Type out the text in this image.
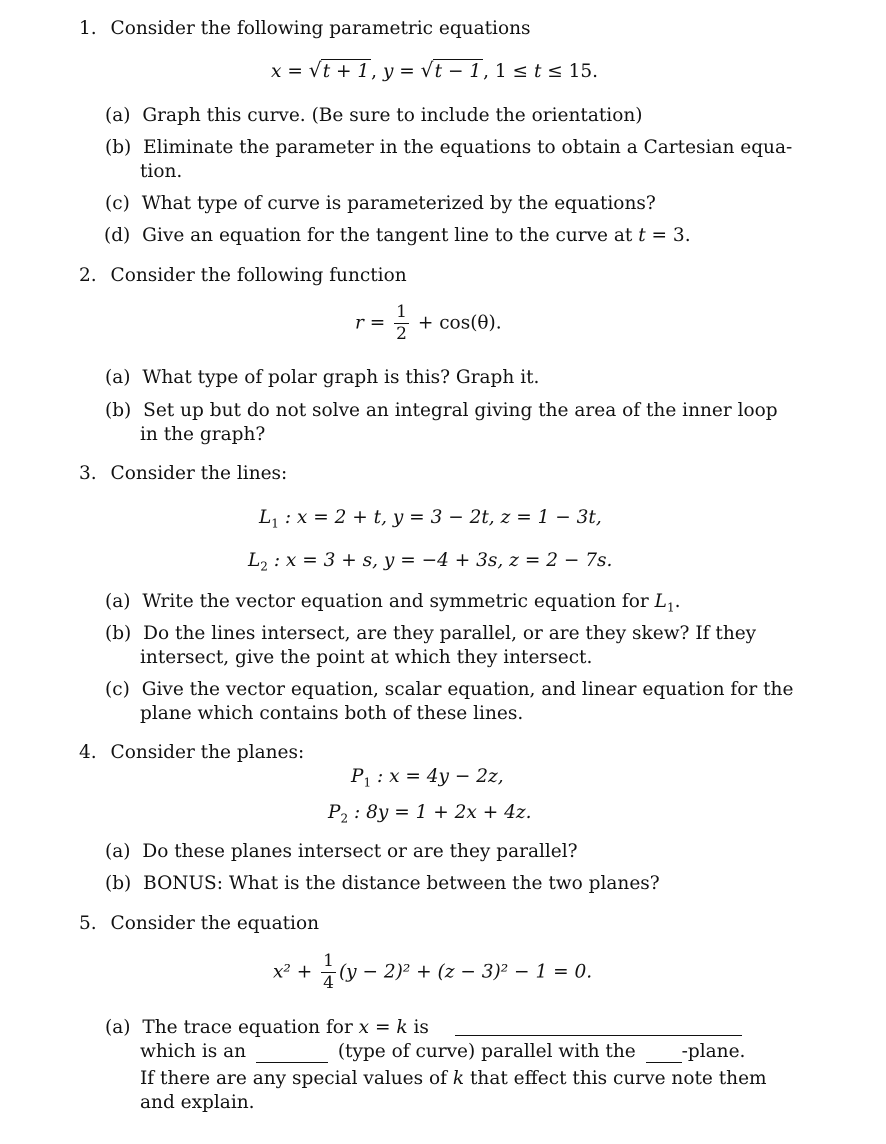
1. Consider the following parametric equations
x = √ t + 1 , y = √ t − 1 , 1 ≤ t ≤ 15.
(a) Graph this curve. (Be sure to include the orientation)
(b) Eliminate the parameter in the equations to obtain a Cartesian equa-
tion.
(c) What type of curve is parameterized by the equations?
(d) Give an equation for the tangent line to the curve at t = 3.
2. Consider the following function
$r = \frac{1}{2} + \cos(\theta)$.
(a) What type of polar graph is this? Graph it.
(b) Set up but do not solve an integral giving the area of the inner loop
in the graph?
3. Consider the lines:
$L_1$ : x = 2 + t, y = 3 − 2t, z = 1 − 3t,
$L_2$ : x = 3 + s, y = −4 + 3s, z = 2 − 7s.
(a) Write the vector equation and symmetric equation for $L_1$.
(b) Do the lines intersect, are they parallel, or are they skew? If they
intersect, give the point at which they intersect.
(c) Give the vector equation, scalar equation, and linear equation for the
plane which contains both of these lines.
4. Consider the planes:
$P_1$ : x = 4y − 2z,
$P_2$ : 8y = 1 + 2x + 4z.
(a) Do these planes intersect or are they parallel?
(b) BONUS: What is the distance between the two planes?
5. Consider the equation
$x^2 + \frac{1}{4} (y - 2)^2 + (z - 3)^2 - 1 = 0$.
(a) The trace equation for x = k is
which is an	(type of curve) parallel with the -plane.
If there are any special values of k that effect this curve note them
and explain.
